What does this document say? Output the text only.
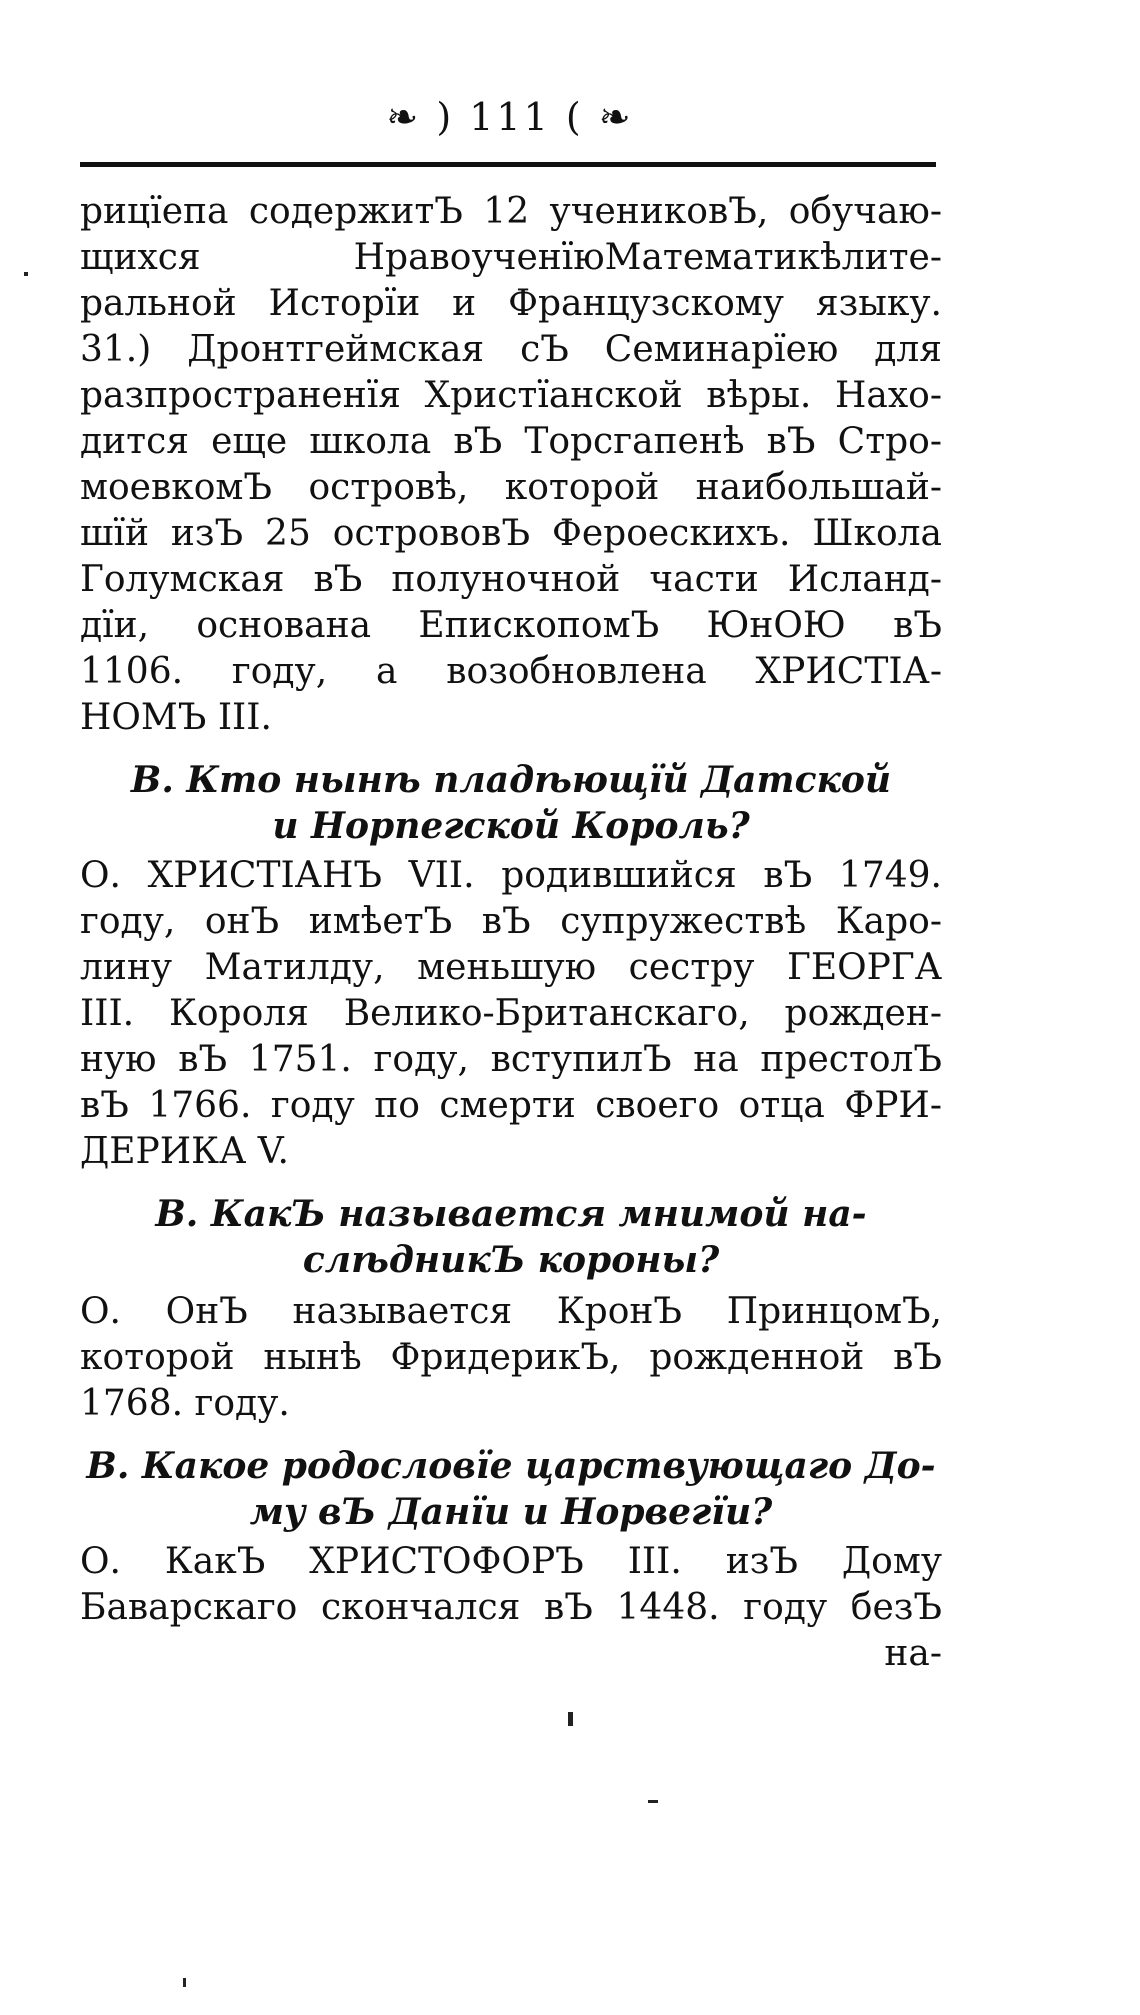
❧ ) 111 ( ❧
рицїепа содержитЪ 12 учениковЪ, обучаю-
щихся НравоученїюМатематикѣлите-
ральной Исторїи и Французскому языку.
31.) Дронтгеймская сЪ Семинарїею для
разпространенїя Христїанской вѣры. Нахо-
дится еще школа вЪ Торсгапенѣ вЪ Стро-
моевкомЪ островѣ, которой наибольшай-
шїй изЪ 25 острововЪ Фероескихъ. Школа
Голумская вЪ полуночной части Исланд-
дїи, основана ЕпископомЪ ЮнОЮ вЪ
1106. году, а возобновлена ХРИСТІА-
НОМЪ III.
В. Кто нынѣ пладѣющїй Датской
и Норпегской Король?
О. ХРИСТІАНЪ VII. родившийся вЪ 1749.
году, онЪ имѣетЪ вЪ супружествѣ Каро-
лину Матилду, меньшую сестру ГЕОРГА
III. Короля Велико-Британскаго, рожден-
ную вЪ 1751. году, вступилЪ на престолЪ
вЪ 1766. году по смерти своего отца ФРИ-
ДЕРИКА V.
В. КакЪ называется мнимой на-
слѣдникЪ короны?
О. ОнЪ называется КронЪ ПринцомЪ,
которой нынѣ ФридерикЪ, рожденной вЪ
1768. году.
В. Какое родословїе царствующаго До-
му вЪ Данїи и Норвегїи?
О. КакЪ ХРИСТОФОРЪ III. изЪ Дому
Баварскаго скончался вЪ 1448. году безЪ
на-
